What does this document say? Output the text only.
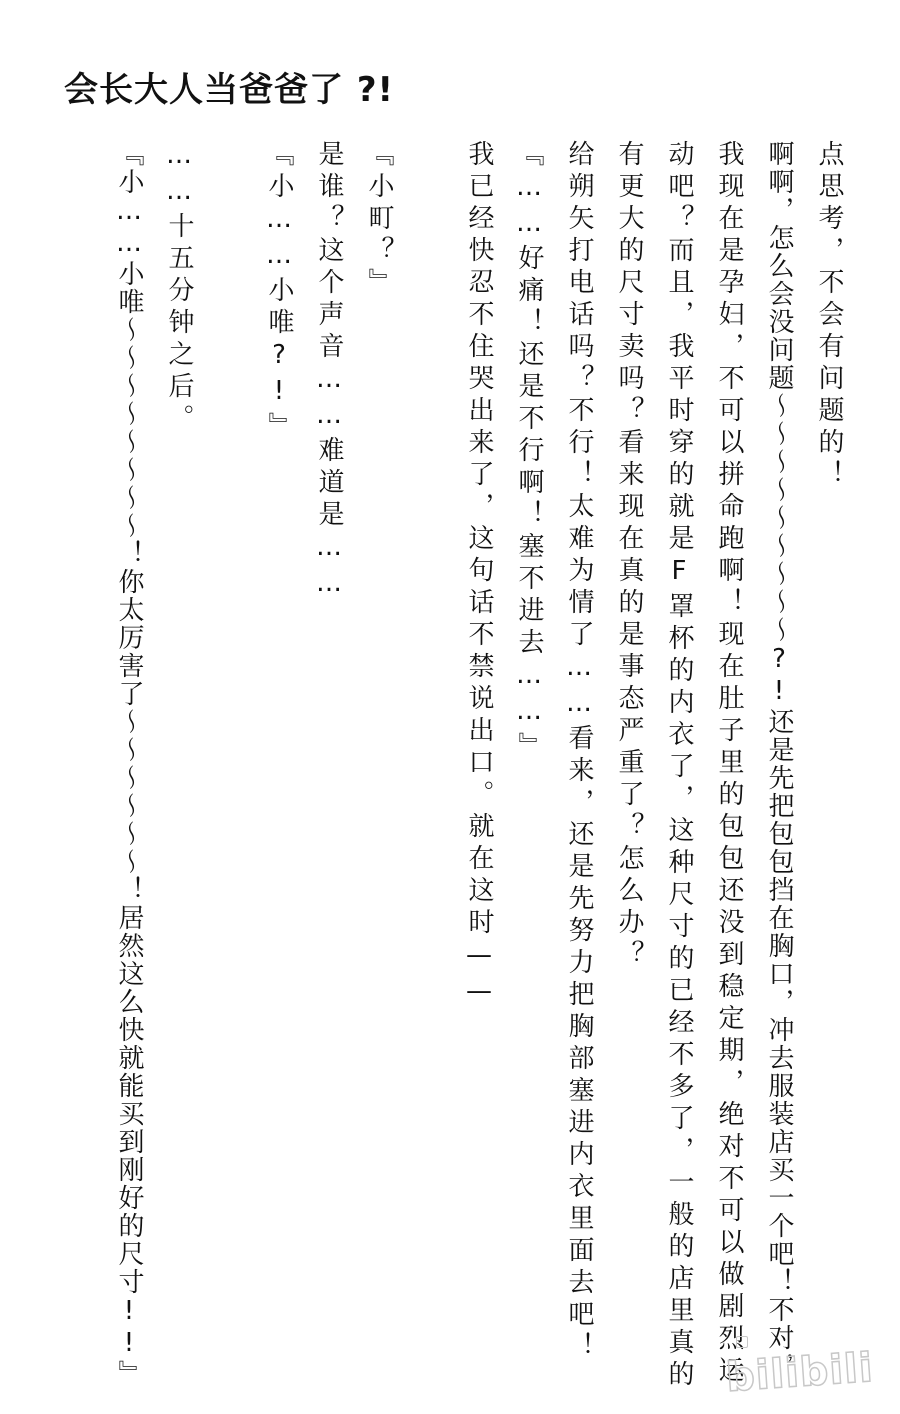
会长大人当爸爸了 ?!
点思考，不会有问题的！
啊啊，怎么会没问题～～～～～～～～～?!还是先把包包挡在胸口，冲去服装店买一个吧！不对，
我现在是孕妇，不可以拼命跑啊！现在肚子里的包包还没到稳定期，绝对不可以做剧烈运
动吧？而且，我平时穿的就是F罩杯的内衣了，这种尺寸的已经不多了，一般的店里真的
有更大的尺寸卖吗？看来现在真的是事态严重了？怎么办？
给朔矢打电话吗？不行！太难为情了……看来，还是先努力把胸部塞进内衣里面去吧！
『……好痛！还是不行啊！塞不进去……』
我已经快忍不住哭出来了，这句话不禁说出口。就在这时——
『小町？』
是谁？这个声音……难道是……
『小……小唯?!』
……十五分钟之后。
『小……小唯～～～～～～～～！你太厉害了～～～～～～！居然这么快就能买到刚好的尺寸!!』	bilibili
